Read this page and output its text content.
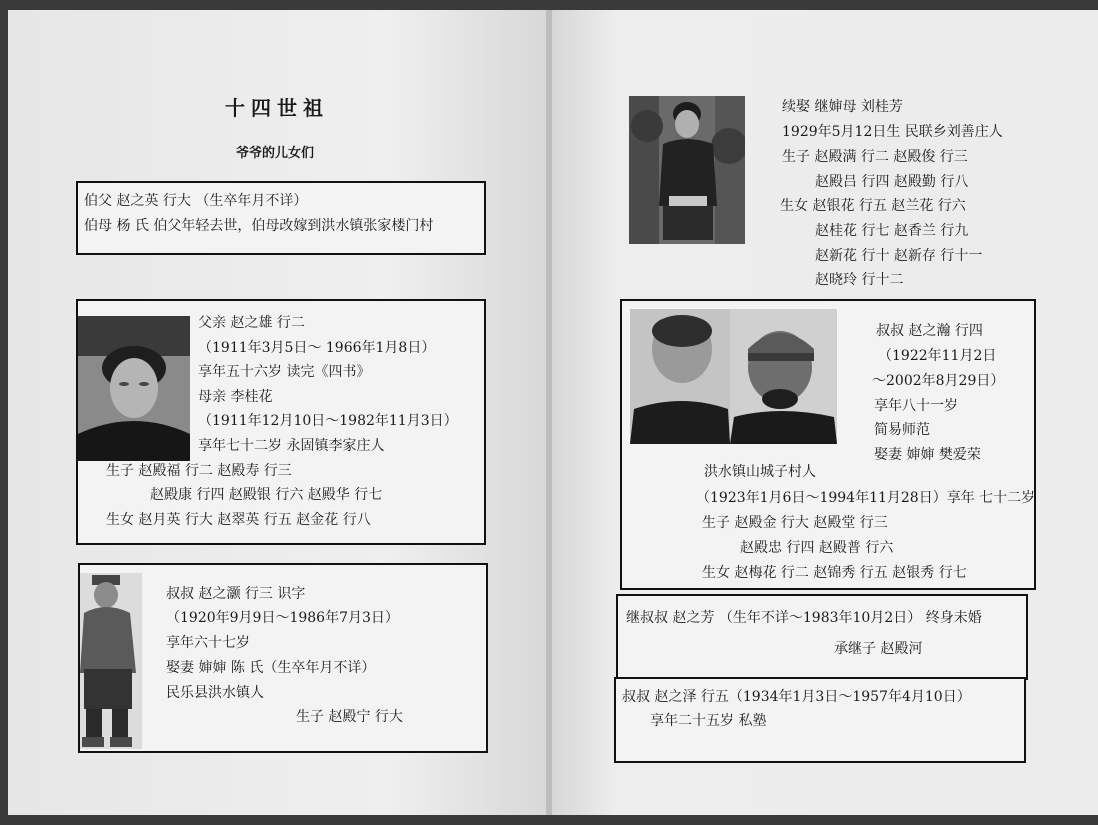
十四世祖
爷爷的儿女们
伯父 赵之英 行大 （生卒年月不详）
伯母 杨 氏 伯父年轻去世，伯母改嫁到洪水镇张家楼门村
父亲 赵之雄 行二
（1911年3月5日～ 1966年1月8日）
享年五十六岁 读完《四书》
母亲 李桂花
（1911年12月10日～1982年11月3日）
享年七十二岁 永固镇李家庄人
生子 赵殿福 行二 赵殿寿 行三
赵殿康 行四 赵殿银 行六 赵殿华 行七
生女 赵月英 行大 赵翠英 行五 赵金花 行八
叔叔 赵之灏 行三 识字
（1920年9月9日～1986年7月3日）
享年六十七岁
娶妻 婶婶 陈 氏（生卒年月不详）
民乐县洪水镇人
生子 赵殿宁 行大
续娶 继婶母 刘桂芳
1929年5月12日生 民联乡刘善庄人
生子 赵殿满 行二 赵殿俊 行三
赵殿吕 行四 赵殿勤 行八
生女 赵银花 行五 赵兰花 行六
赵桂花 行七 赵香兰 行九
赵新花 行十 赵新存 行十一
赵晓玲 行十二
叔叔 赵之瀚 行四
（1922年11月2日
～2002年8月29日）
享年八十一岁
简易师范
娶妻 婶婶 樊爱荣
洪水镇山城子村人
（1923年1月6日～1994年11月28日）享年 七十二岁
生子 赵殿金 行大 赵殿堂 行三
赵殿忠 行四 赵殿普 行六
生女 赵梅花 行二 赵锦秀 行五 赵银秀 行七
继叔叔 赵之芳 （生年不详～1983年10月2日） 终身未婚
承继子 赵殿河
叔叔 赵之泽 行五（1934年1月3日～1957年4月10日）
享年二十五岁 私塾
